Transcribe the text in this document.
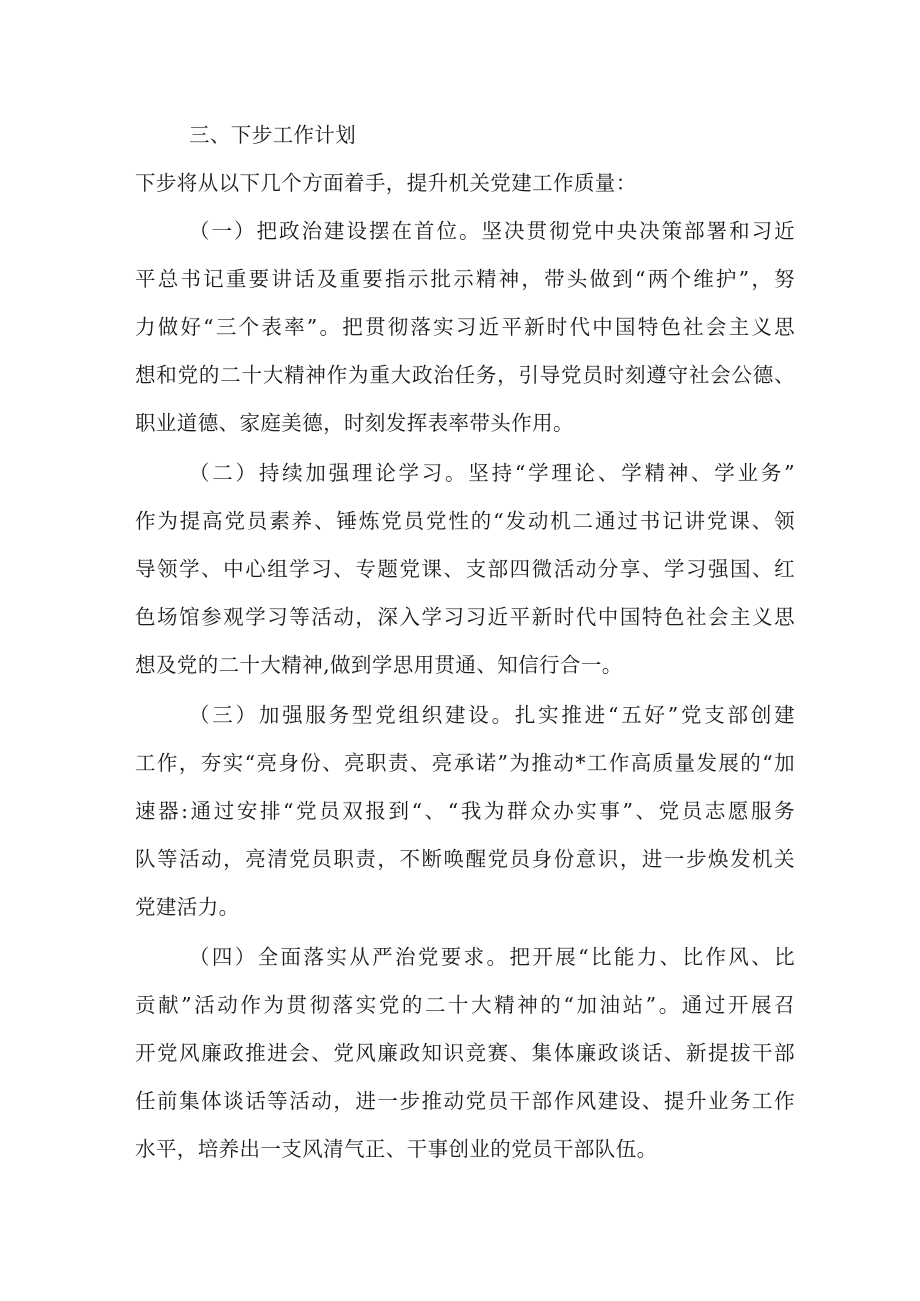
三、下步工作计划
下步将从以下几个方面着手，提升机关党建工作质量：
（一）把政治建设摆在首位。坚决贯彻党中央决策部署和习近
平总书记重要讲话及重要指示批示精神，带头做到“两个维护”，努
力做好“三个表率”。把贯彻落实习近平新时代中国特色社会主义思
想和党的二十大精神作为重大政治任务，引导党员时刻遵守社会公德、
职业道德、家庭美德，时刻发挥表率带头作用。
（二）持续加强理论学习。坚持“学理论、学精神、学业务”
作为提高党员素养、锤炼党员党性的“发动机二通过书记讲党课、领
导领学、中心组学习、专题党课、支部四微活动分享、学习强国、红
色场馆参观学习等活动，深入学习习近平新时代中国特色社会主义思
想及党的二十大精神,做到学思用贯通、知信行合一。
（三）加强服务型党组织建设。扎实推进“五好”党支部创建
工作，夯实“亮身份、亮职责、亮承诺”为推动*工作高质量发展的“加
速器:通过安排“党员双报到“、“我为群众办实事”、党员志愿服务
队等活动，亮清党员职责，不断唤醒党员身份意识，进一步焕发机关
党建活力。
（四）全面落实从严治党要求。把开展“比能力、比作风、比
贡献”活动作为贯彻落实党的二十大精神的“加油站”。通过开展召
开党风廉政推进会、党风廉政知识竞赛、集体廉政谈话、新提拔干部
任前集体谈话等活动，进一步推动党员干部作风建设、提升业务工作
水平，培养出一支风清气正、干事创业的党员干部队伍。
